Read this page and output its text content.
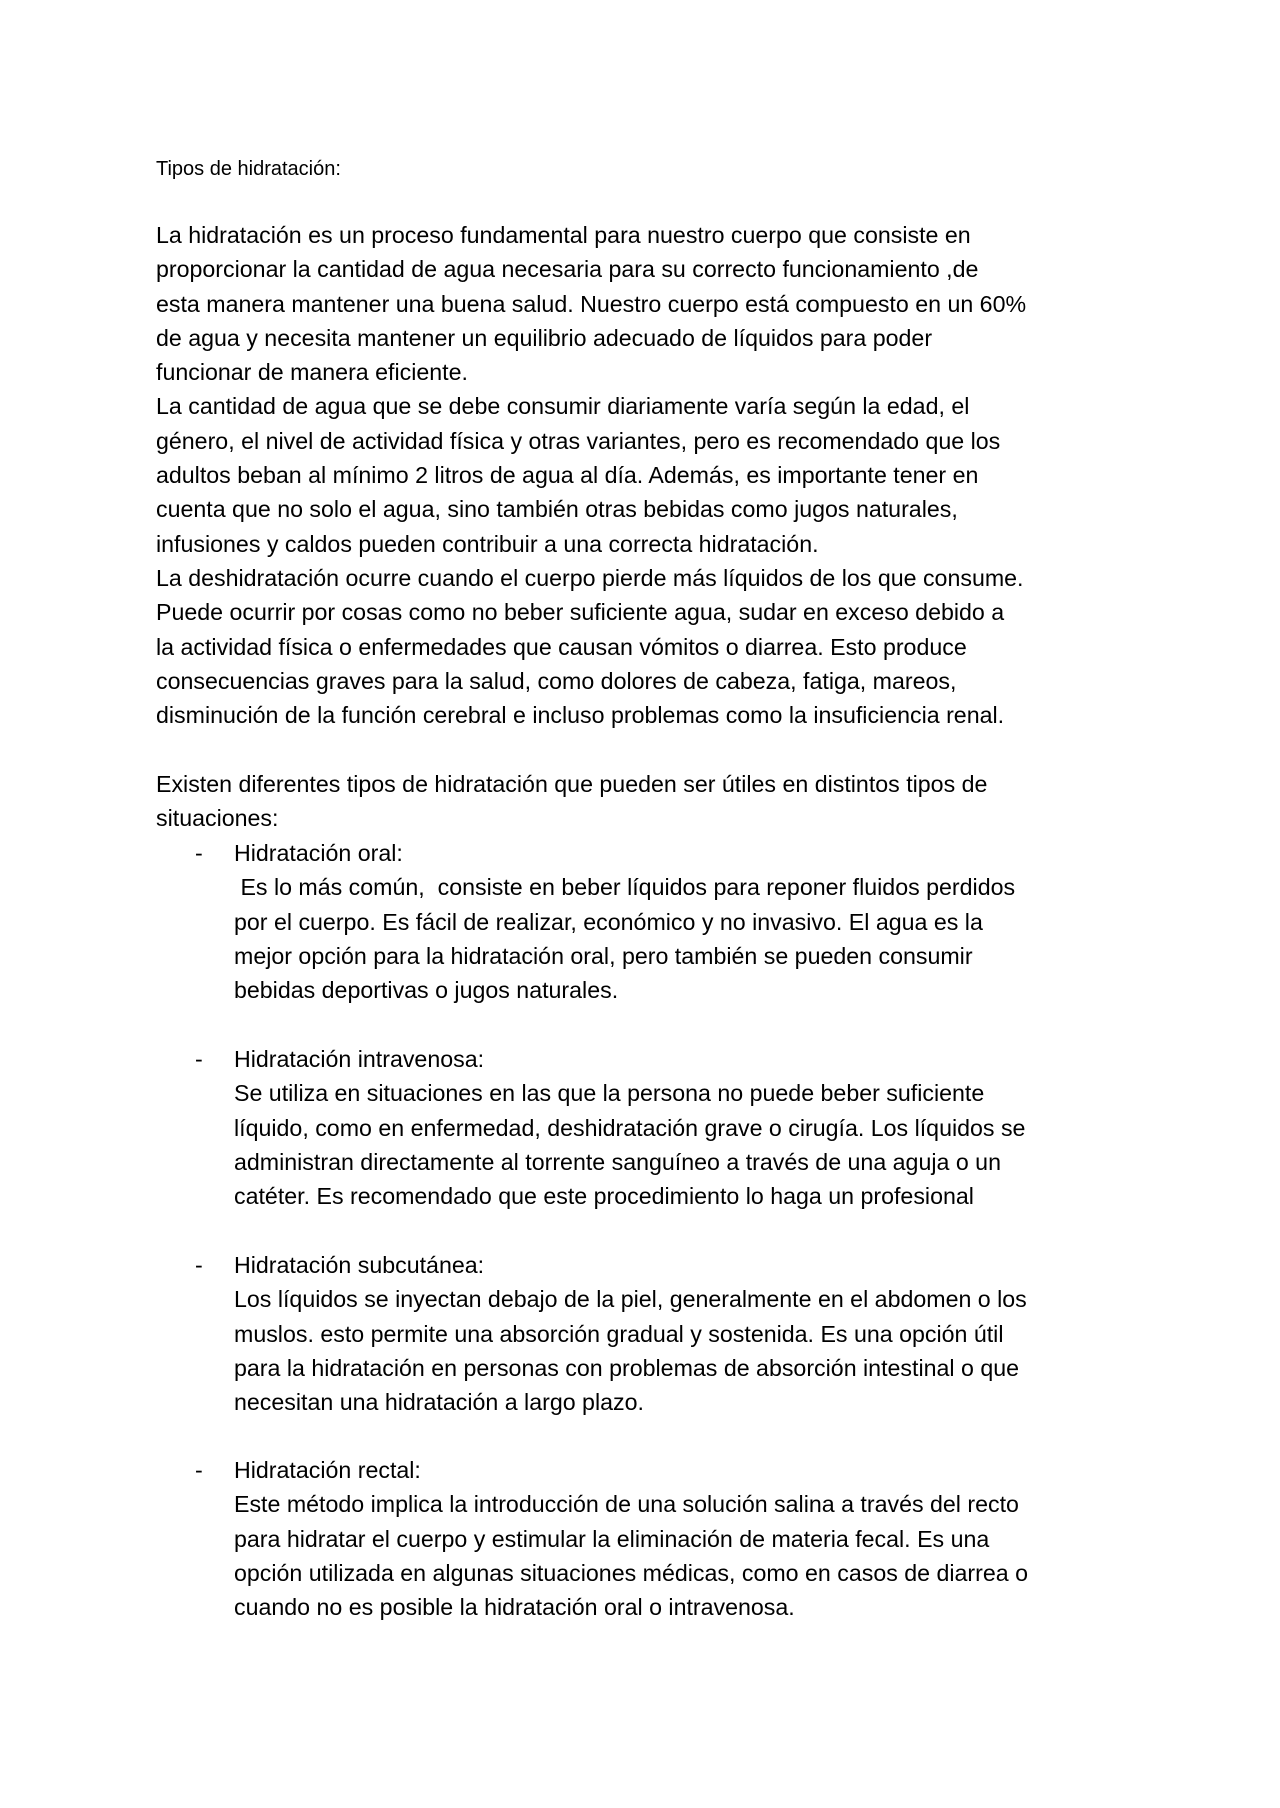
Tipos de hidratación:

La hidratación es un proceso fundamental para nuestro cuerpo que consiste en
proporcionar la cantidad de agua necesaria para su correcto funcionamiento ,de
esta manera mantener una buena salud. Nuestro cuerpo está compuesto en un 60%
de agua y necesita mantener un equilibrio adecuado de líquidos para poder
funcionar de manera eficiente.
La cantidad de agua que se debe consumir diariamente varía según la edad, el
género, el nivel de actividad física y otras variantes, pero es recomendado que los
adultos beban al mínimo 2 litros de agua al día. Además, es importante tener en
cuenta que no solo el agua, sino también otras bebidas como jugos naturales,
infusiones y caldos pueden contribuir a una correcta hidratación.
La deshidratación ocurre cuando el cuerpo pierde más líquidos de los que consume.
Puede ocurrir por cosas como no beber suficiente agua, sudar en exceso debido a
la actividad física o enfermedades que causan vómitos o diarrea. Esto produce
consecuencias graves para la salud, como dolores de cabeza, fatiga, mareos,
disminución de la función cerebral e incluso problemas como la insuficiencia renal.

Existen diferentes tipos de hidratación que pueden ser útiles en distintos tipos de
situaciones:

- Hidratación oral:
Es lo más común,  consiste en beber líquidos para reponer fluidos perdidos
por el cuerpo. Es fácil de realizar, económico y no invasivo. El agua es la
mejor opción para la hidratación oral, pero también se pueden consumir
bebidas deportivas o jugos naturales.
- Hidratación intravenosa:
Se utiliza en situaciones en las que la persona no puede beber suficiente
líquido, como en enfermedad, deshidratación grave o cirugía. Los líquidos se
administran directamente al torrente sanguíneo a través de una aguja o un
catéter. Es recomendado que este procedimiento lo haga un profesional
- Hidratación subcutánea:
Los líquidos se inyectan debajo de la piel, generalmente en el abdomen o los
muslos. esto permite una absorción gradual y sostenida. Es una opción útil
para la hidratación en personas con problemas de absorción intestinal o que
necesitan una hidratación a largo plazo.
- Hidratación rectal:
Este método implica la introducción de una solución salina a través del recto
para hidratar el cuerpo y estimular la eliminación de materia fecal. Es una
opción utilizada en algunas situaciones médicas, como en casos de diarrea o
cuando no es posible la hidratación oral o intravenosa.
